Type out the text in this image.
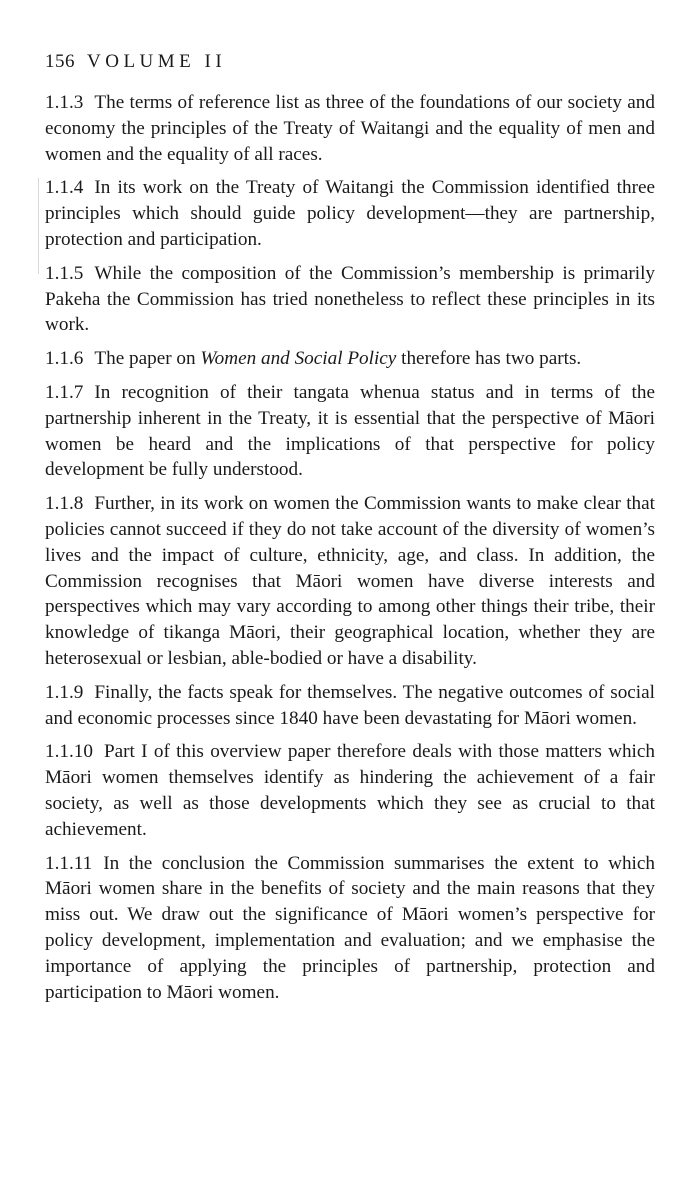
156 VOLUME II

1.1.3 The terms of reference list as three of the foundations of our society and economy the principles of the Treaty of Waitangi and the equality of men and women and the equality of all races.

1.1.4 In its work on the Treaty of Waitangi the Commission identified three principles which should guide policy development—they are partnership, protection and participation.

1.1.5 While the composition of the Commission’s membership is primarily Pakeha the Commission has tried nonetheless to reflect these principles in its work.

1.1.6 The paper on Women and Social Policy therefore has two parts.

1.1.7 In recognition of their tangata whenua status and in terms of the partnership inherent in the Treaty, it is essential that the perspective of Māori women be heard and the implications of that perspective for policy development be fully understood.

1.1.8 Further, in its work on women the Commission wants to make clear that policies cannot succeed if they do not take account of the diversity of women’s lives and the impact of culture, ethnicity, age, and class. In addition, the Commission recognises that Māori women have diverse interests and perspectives which may vary according to among other things their tribe, their knowledge of tikanga Māori, their geographical location, whether they are heterosexual or lesbian, able-bodied or have a disability.

1.1.9 Finally, the facts speak for themselves. The negative outcomes of social and economic processes since 1840 have been devastating for Māori women.

1.1.10 Part I of this overview paper therefore deals with those matters which Māori women themselves identify as hindering the achievement of a fair society, as well as those developments which they see as crucial to that achievement.

1.1.11 In the conclusion the Commission summarises the extent to which Māori women share in the benefits of society and the main reasons that they miss out. We draw out the significance of Māori women’s perspective for policy development, implementation and evaluation; and we emphasise the importance of applying the principles of partnership, protection and participation to Māori women.
